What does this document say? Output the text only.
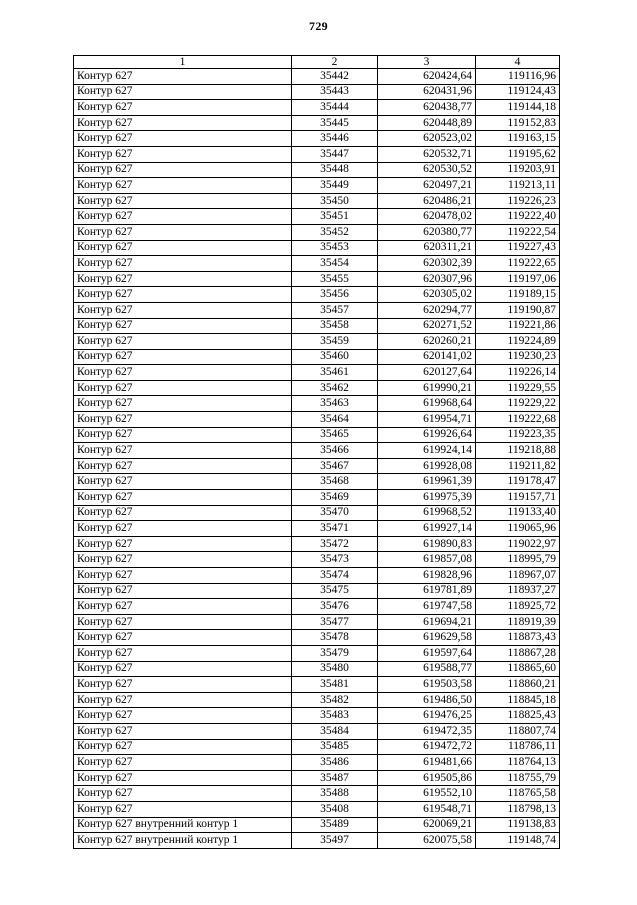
729
1	2	3	4
Контур 627	35442	620424,64	119116,96
Контур 627	35443	620431,96	119124,43
Контур 627	35444	620438,77	119144,18
Контур 627	35445	620448,89	119152,83
Контур 627	35446	620523,02	119163,15
Контур 627	35447	620532,71	119195,62
Контур 627	35448	620530,52	119203,91
Контур 627	35449	620497,21	119213,11
Контур 627	35450	620486,21	119226,23
Контур 627	35451	620478,02	119222,40
Контур 627	35452	620380,77	119222,54
Контур 627	35453	620311,21	119227,43
Контур 627	35454	620302,39	119222,65
Контур 627	35455	620307,96	119197,06
Контур 627	35456	620305,02	119189,15
Контур 627	35457	620294,77	119190,87
Контур 627	35458	620271,52	119221,86
Контур 627	35459	620260,21	119224,89
Контур 627	35460	620141,02	119230,23
Контур 627	35461	620127,64	119226,14
Контур 627	35462	619990,21	119229,55
Контур 627	35463	619968,64	119229,22
Контур 627	35464	619954,71	119222,68
Контур 627	35465	619926,64	119223,35
Контур 627	35466	619924,14	119218,88
Контур 627	35467	619928,08	119211,82
Контур 627	35468	619961,39	119178,47
Контур 627	35469	619975,39	119157,71
Контур 627	35470	619968,52	119133,40
Контур 627	35471	619927,14	119065,96
Контур 627	35472	619890,83	119022,97
Контур 627	35473	619857,08	118995,79
Контур 627	35474	619828,96	118967,07
Контур 627	35475	619781,89	118937,27
Контур 627	35476	619747,58	118925,72
Контур 627	35477	619694,21	118919,39
Контур 627	35478	619629,58	118873,43
Контур 627	35479	619597,64	118867,28
Контур 627	35480	619588,77	118865,60
Контур 627	35481	619503,58	118860,21
Контур 627	35482	619486,50	118845,18
Контур 627	35483	619476,25	118825,43
Контур 627	35484	619472,35	118807,74
Контур 627	35485	619472,72	118786,11
Контур 627	35486	619481,66	118764,13
Контур 627	35487	619505,86	118755,79
Контур 627	35488	619552,10	118765,58
Контур 627	35408	619548,71	118798,13
Контур 627 внутренний контур 1	35489	620069,21	119138,83
Контур 627 внутренний контур 1	35497	620075,58	119148,74
